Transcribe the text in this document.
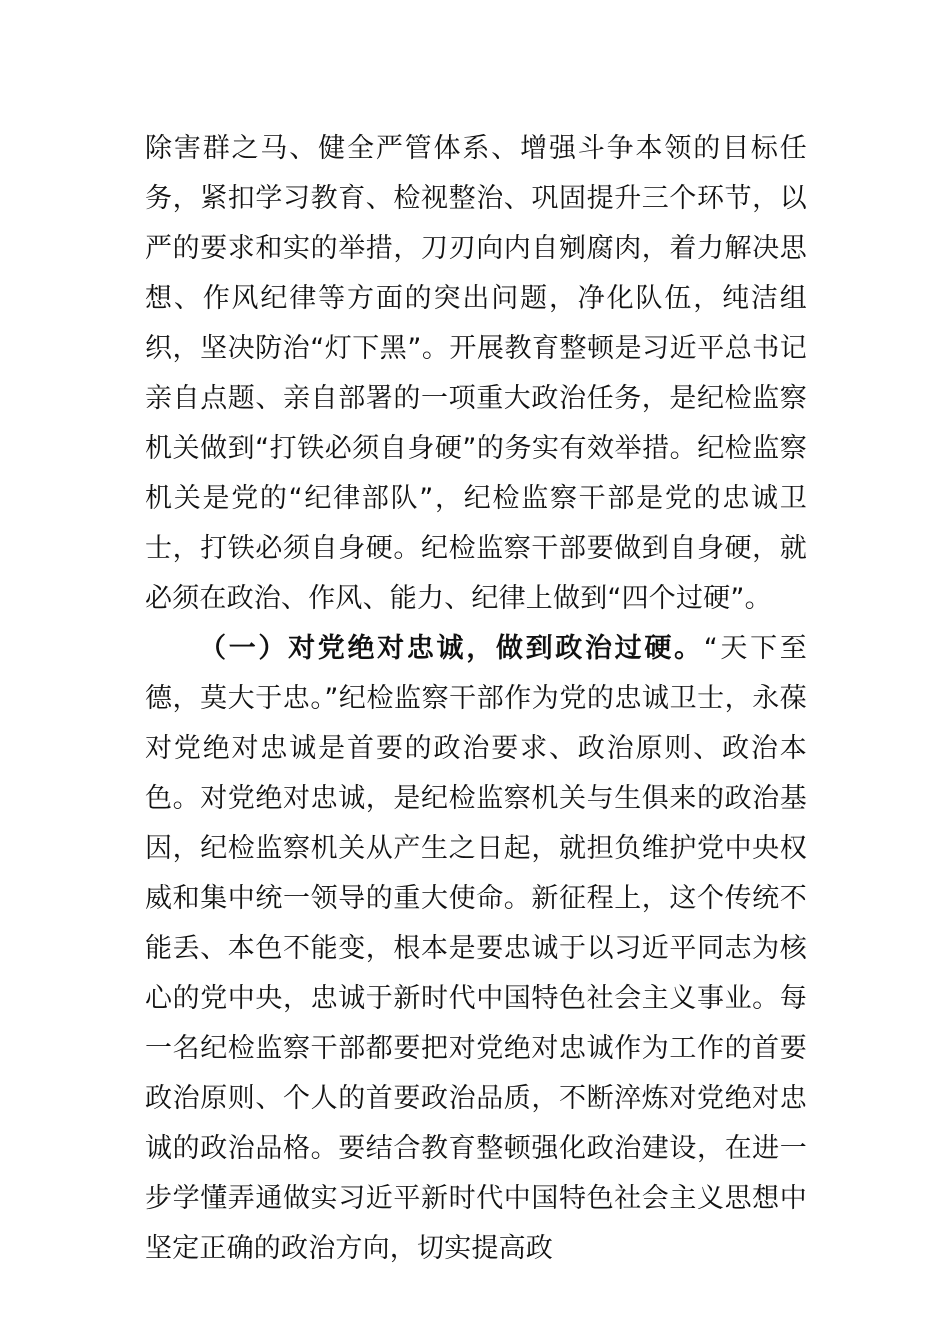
除害群之马、健全严管体系、增强斗争本领的目标任务，紧扣学习教育、检视整治、巩固提升三个环节，以严的要求和实的举措，刀刃向内自剜腐肉，着力解决思想、作风纪律等方面的突出问题，净化队伍，纯洁组织，坚决防治“灯下黑”。开展教育整顿是习近平总书记亲自点题、亲自部署的一项重大政治任务，是纪检监察机关做到“打铁必须自身硬”的务实有效举措。纪检监察机关是党的“纪律部队”，纪检监察干部是党的忠诚卫士，打铁必须自身硬。纪检监察干部要做到自身硬，就必须在政治、作风、能力、纪律上做到“四个过硬”。

（一）对党绝对忠诚，做到政治过硬。“天下至德，莫大于忠。”纪检监察干部作为党的忠诚卫士，永葆对党绝对忠诚是首要的政治要求、政治原则、政治本色。对党绝对忠诚，是纪检监察机关与生俱来的政治基因，纪检监察机关从产生之日起，就担负维护党中央权威和集中统一领导的重大使命。新征程上，这个传统不能丢、本色不能变，根本是要忠诚于以习近平同志为核心的党中央，忠诚于新时代中国特色社会主义事业。每一名纪检监察干部都要把对党绝对忠诚作为工作的首要政治原则、个人的首要政治品质，不断淬炼对党绝对忠诚的政治品格。要结合教育整顿强化政治建设，在进一步学懂弄通做实习近平新时代中国特色社会主义思想中坚定正确的政治方向，切实提高政
